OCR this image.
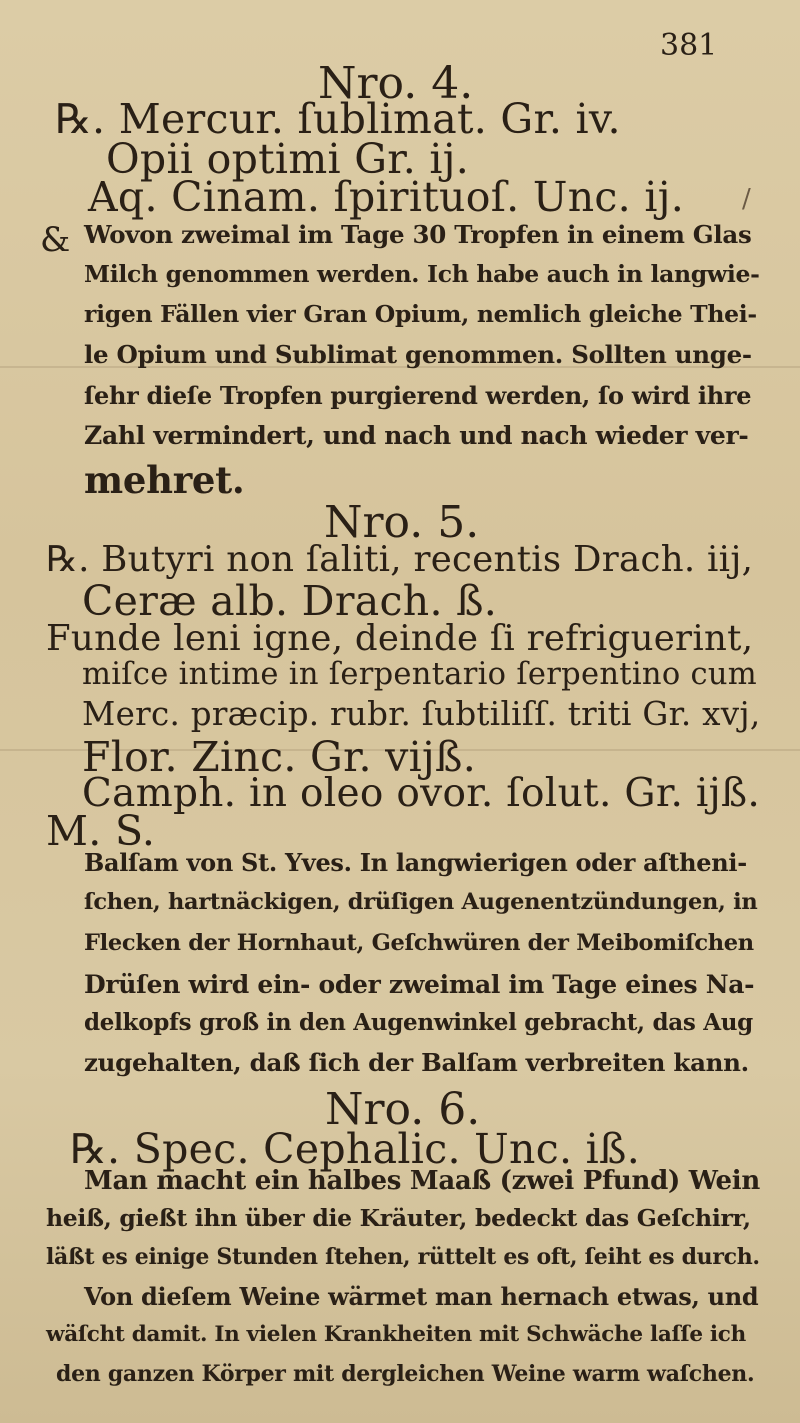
381
Nro. 4.
℞. Mercur. ſublimat. Gr. iv.
Opii optimi Gr. ij.
Aq. Cinam. ſpirituoſ. Unc. ij.
&
/
Wovon zweimal im Tage 30 Tropfen in einem Glas
Milch genommen werden. Ich habe auch in langwie-
rigen Fällen vier Gran Opium, nemlich gleiche Thei-
le Opium und Sublimat genommen. Sollten unge-
ſehr dieſe Tropfen purgierend werden, ſo wird ihre
Zahl vermindert, und nach und nach wieder ver-
mehret.
Nro. 5.
℞. Butyri non ſaliti, recentis Drach. iij,
Ceræ alb. Drach. ß.
Funde leni igne, deinde ſi refriguerint,
miſce intime in ſerpentario ſerpentino cum
Merc. præcip. rubr. ſubtiliſſ. triti Gr. xvj,
Flor. Zinc. Gr. vijß.
Camph. in oleo ovor. ſolut. Gr. ijß.
M. S.
Balſam von St. Yves. In langwierigen oder aſtheni-
ſchen, hartnäckigen, drüſigen Augenentzündungen, in
Flecken der Hornhaut, Geſchwüren der Meibomiſchen
Drüſen wird ein- oder zweimal im Tage eines Na-
delkopfs groß in den Augenwinkel gebracht, das Aug
zugehalten, daß ſich der Balſam verbreiten kann.
Nro. 6.
℞. Spec. Cephalic. Unc. iß.
Man macht ein halbes Maaß (zwei Pfund) Wein
heiß, gießt ihn über die Kräuter, bedeckt das Geſchirr,
läßt es einige Stunden ſtehen, rüttelt es oft, ſeiht es durch.
Von dieſem Weine wärmet man hernach etwas, und
wäſcht damit. In vielen Krankheiten mit Schwäche laſſe ich
den ganzen Körper mit dergleichen Weine warm waſchen.
